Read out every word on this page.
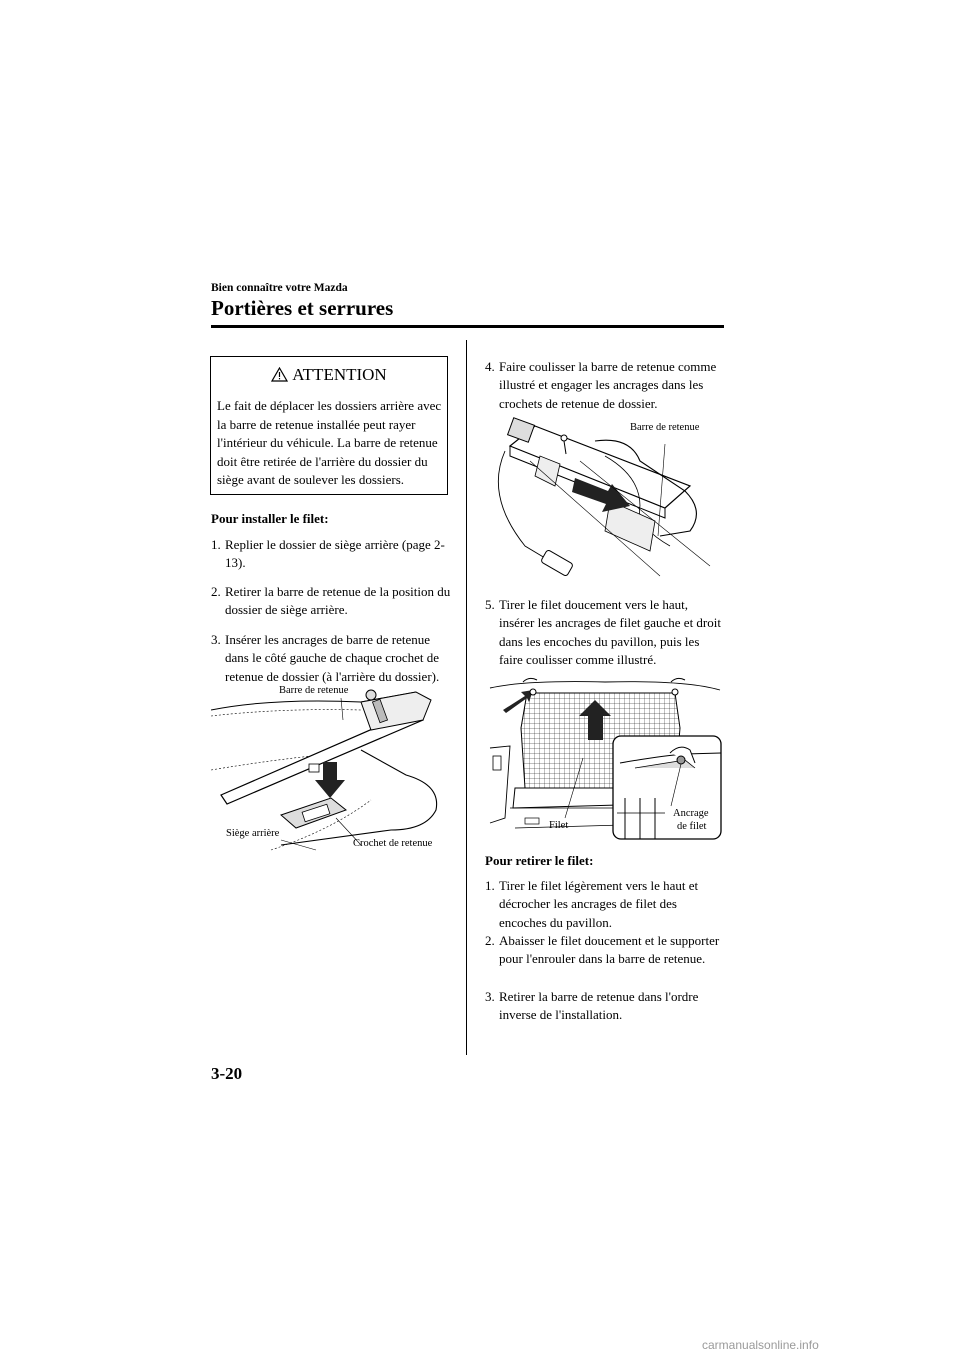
Bien connaître votre Mazda
Portières et serrures
ATTENTION
Le fait de déplacer les dossiers arrière avec la barre de retenue installée peut rayer l'intérieur du véhicule. La barre de retenue doit être retirée de l'arrière du dossier du siège avant de soulever les dossiers.
Pour installer le filet:
1. Replier le dossier de siège arrière (page 2-13).
2. Retirer la barre de retenue de la position du dossier de siège arrière.
3. Insérer les ancrages de barre de retenue dans le côté gauche de chaque crochet de retenue de dossier (à l'arrière du dossier).
Barre de retenue
Siège arrière
Crochet de retenue
4. Faire coulisser la barre de retenue comme illustré et engager les ancrages dans les crochets de retenue de dossier.
Barre de retenue
5. Tirer le filet doucement vers le haut, insérer les ancrages de filet gauche et droit dans les encoches du pavillon, puis les faire coulisser comme illustré.
Filet
Ancrage
de filet
Pour retirer le filet:
1. Tirer le filet légèrement vers le haut et décrocher les ancrages de filet des encoches du pavillon.
2. Abaisser le filet doucement et le supporter pour l'enrouler dans la barre de retenue.
3. Retirer la barre de retenue dans l'ordre inverse de l'installation.
3-20
carmanualsonline.info
